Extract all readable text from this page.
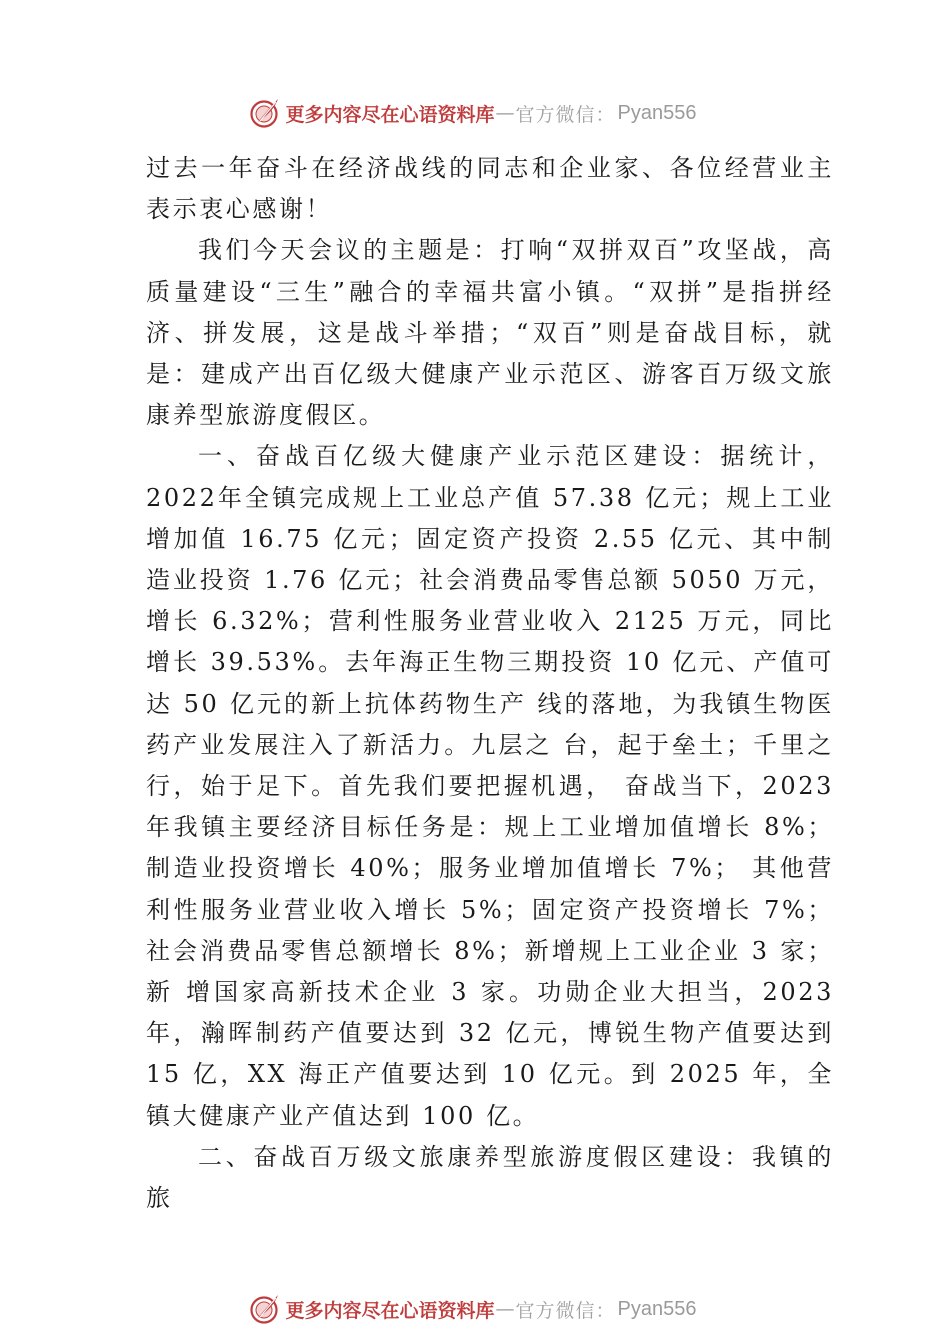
更多内容尽在心语资料库 — 官方微信： Pyan556

过去一年奋斗在经济战线的同志和企业家、各位经营业主表示衷心感谢！

我们今天会议的主题是：打响“双拼双百”攻坚战，高质量建设“三生”融合的幸福共富小镇。“双拼”是指拼经济、拼发展，这是战斗举措；“双百”则是奋战目标，就是：建成产出百亿级大健康产业示范区、游客百万级文旅康养型旅游度假区。

一、奋战百亿级大健康产业示范区建设：据统计，2022年全镇完成规上工业总产值 57.38 亿元；规上工业增加值 16.75 亿元；固定资产投资 2.55 亿元、其中制造业投资 1.76 亿元；社会消费品零售总额 5050 万元，增长 6.32%；营利性服务业营业收入 2125 万元，同比增长 39.53%。去年海正生物三期投资 10 亿元、产值可达 50 亿元的新上抗体药物生产 线的落地，为我镇生物医药产业发展注入了新活力。九层之 台，起于垒土；千里之行，始于足下。首先我们要把握机遇， 奋战当下，2023 年我镇主要经济目标任务是：规上工业增加值增长 8%；制造业投资增长 40%；服务业增加值增长 7%； 其他营利性服务业营业收入增长 5%；固定资产投资增长 7%；社会消费品零售总额增长 8%；新增规上工业企业 3 家；新 增国家高新技术企业 3 家。功勋企业大担当，2023 年，瀚晖制药产值要达到 32 亿元，博锐生物产值要达到 15 亿，XX 海正产值要达到 10 亿元。到 2025 年，全镇大健康产业产值达到 100 亿。

二、奋战百万级文旅康养型旅游度假区建设：我镇的旅

更多内容尽在心语资料库 — 官方微信： Pyan556
